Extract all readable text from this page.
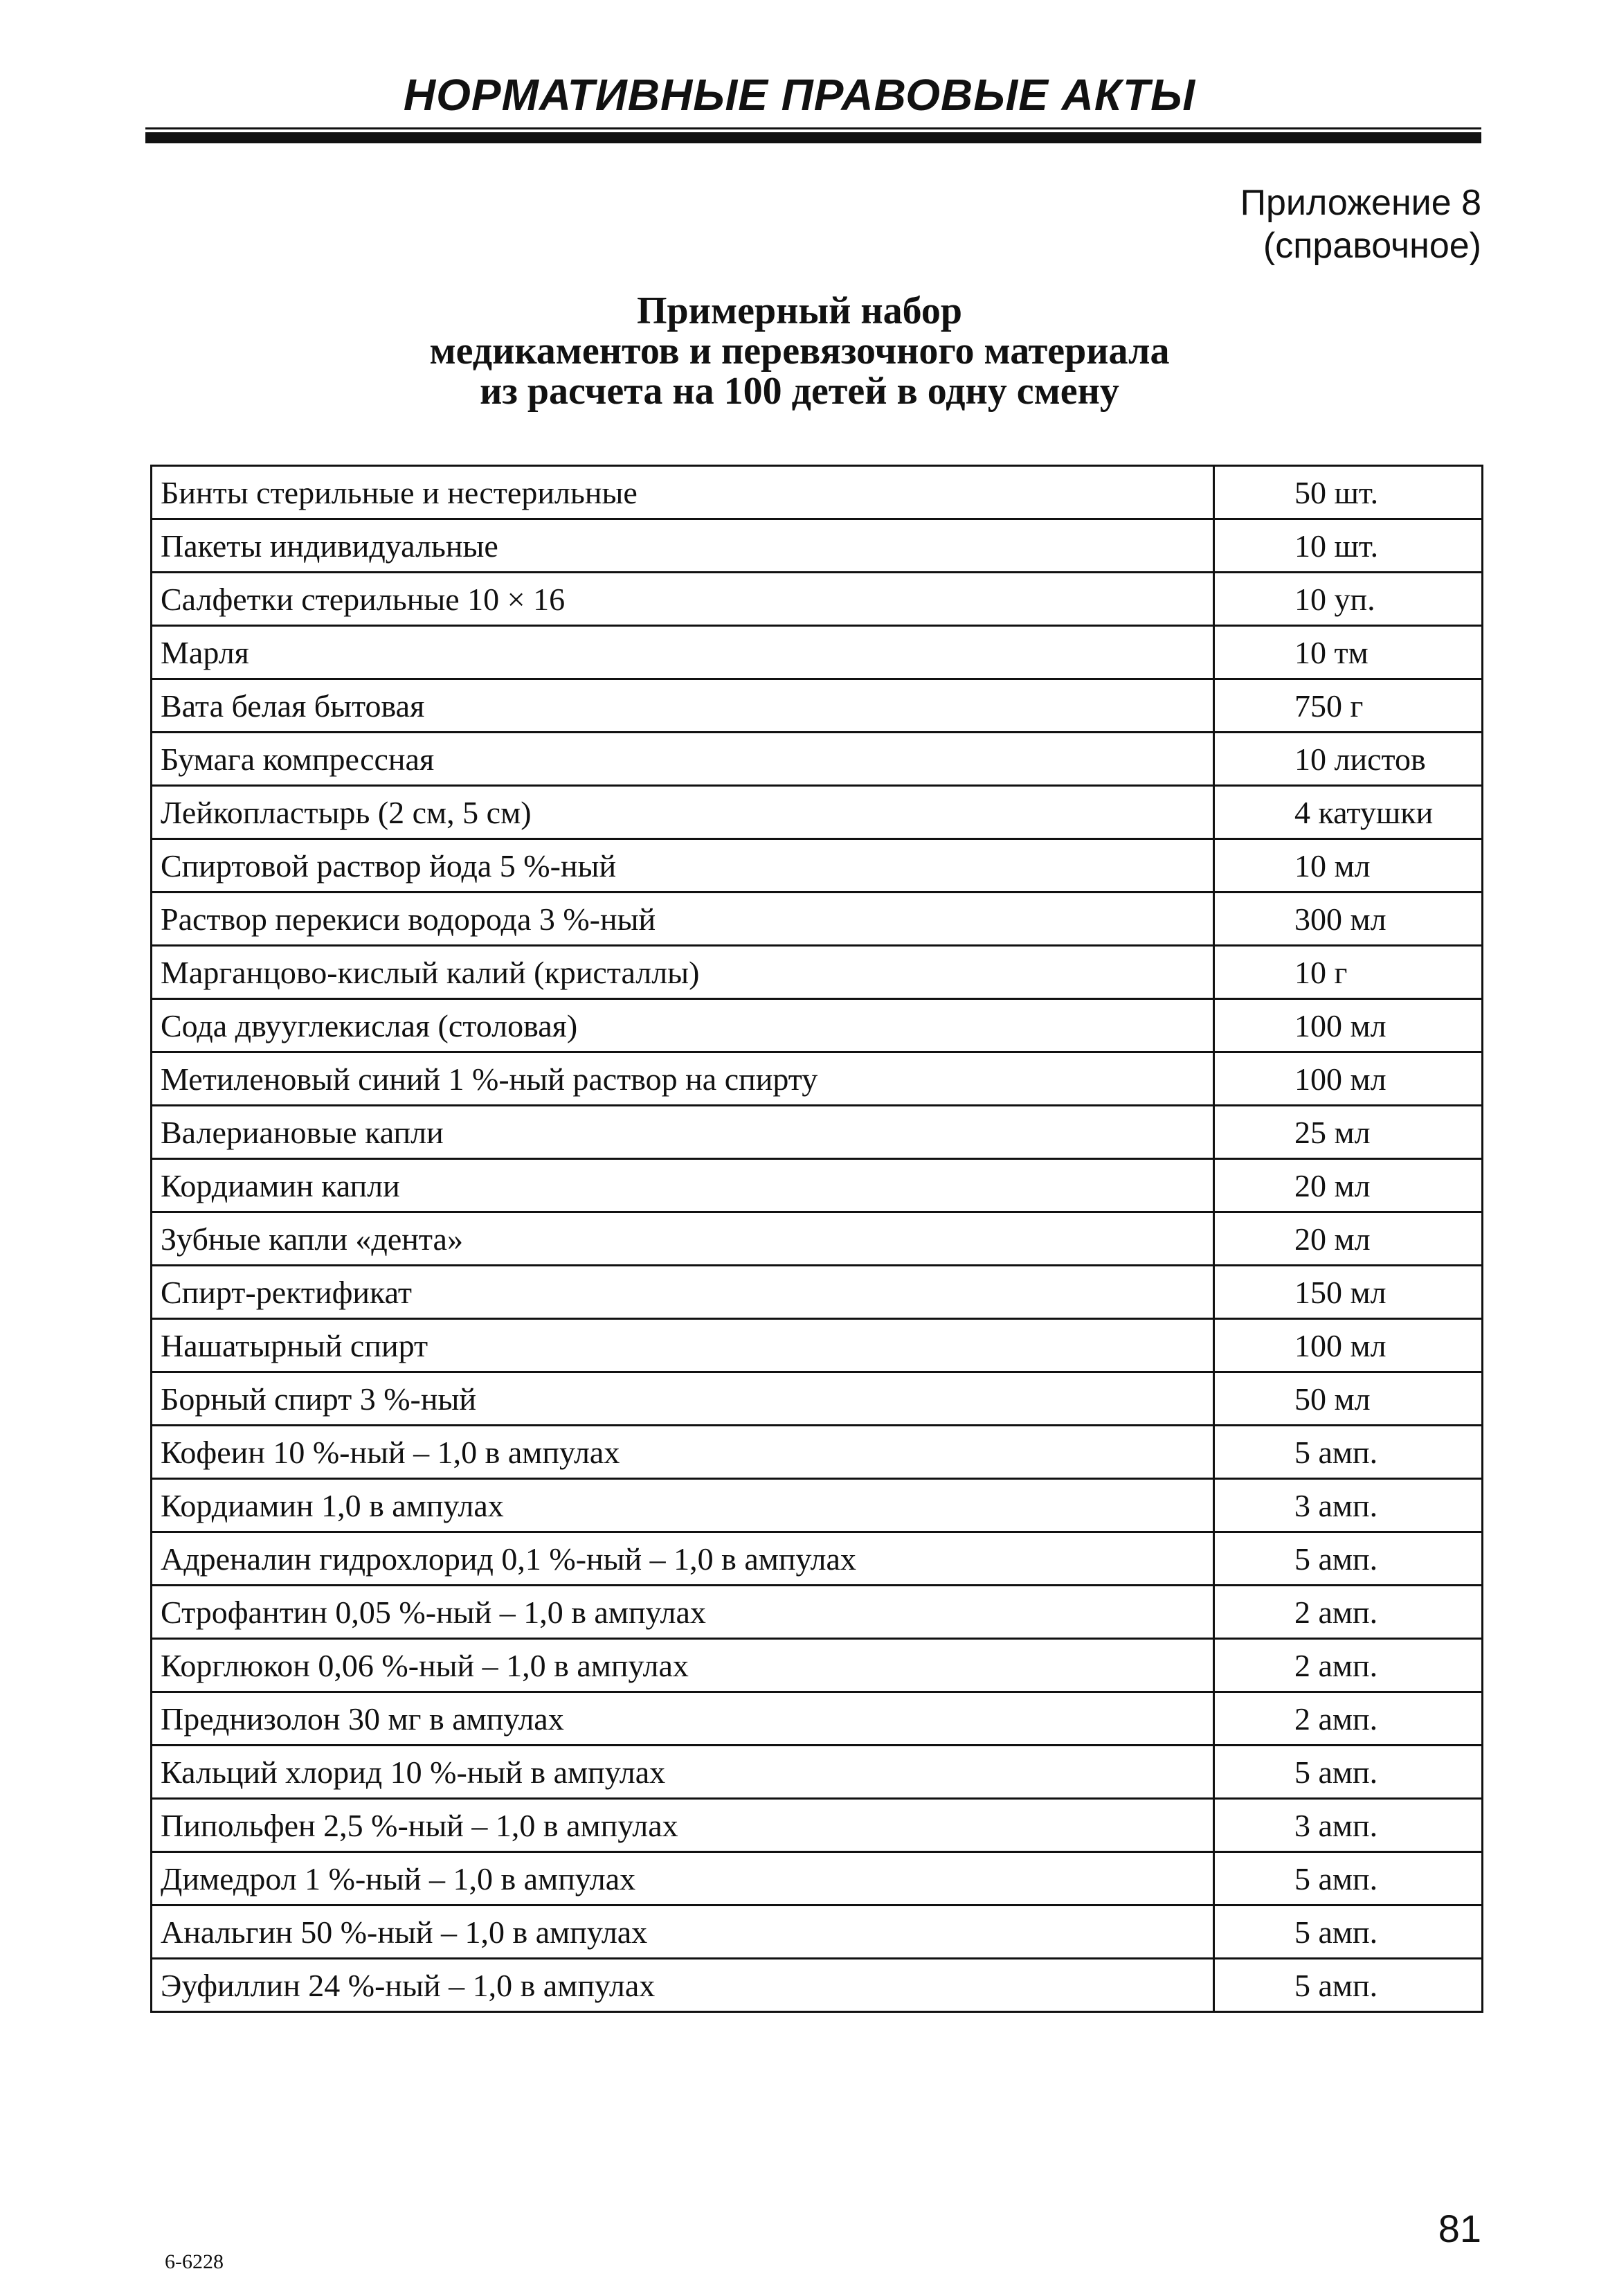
НОРМАТИВНЫЕ ПРАВОВЫЕ АКТЫ
Приложение 8
(справочное)
Примерный набор
медикаментов и перевязочного материала
из расчета на 100 детей в одну смену
Бинты стерильные и нестерильные	50 шт.
Пакеты индивидуальные	10 шт.
Салфетки стерильные 10 × 16	10 уп.
Марля	10 тм
Вата белая бытовая	750 г
Бумага компрессная	10 листов
Лейкопластырь (2 см, 5 см)	4 катушки
Спиртовой раствор йода 5 %-ный	10 мл
Раствор перекиси водорода 3 %-ный	300 мл
Марганцово-кислый калий (кристаллы)	10 г
Сода двууглекислая (столовая)	100 мл
Метиленовый синий 1 %-ный раствор на спирту	100 мл
Валериановые капли	25 мл
Кордиамин капли	20 мл
Зубные капли «дента»	20 мл
Спирт-ректификат	150 мл
Нашатырный спирт	100 мл
Борный спирт 3 %-ный	50 мл
Кофеин 10 %-ный – 1,0 в ампулах	5 амп.
Кордиамин 1,0 в ампулах	3 амп.
Адреналин гидрохлорид 0,1 %-ный – 1,0 в ампулах	5 амп.
Строфантин 0,05 %-ный – 1,0 в ампулах	2 амп.
Корглюкон 0,06 %-ный – 1,0 в ампулах	2 амп.
Преднизолон 30 мг в ампулах	2 амп.
Кальций хлорид 10 %-ный в ампулах	5 амп.
Пипольфен 2,5 %-ный – 1,0 в ампулах	3 амп.
Димедрол 1 %-ный – 1,0 в ампулах	5 амп.
Анальгин 50 %-ный – 1,0 в ампулах	5 амп.
Эуфиллин 24 %-ный – 1,0 в ампулах	5 амп.
6-6228
81
